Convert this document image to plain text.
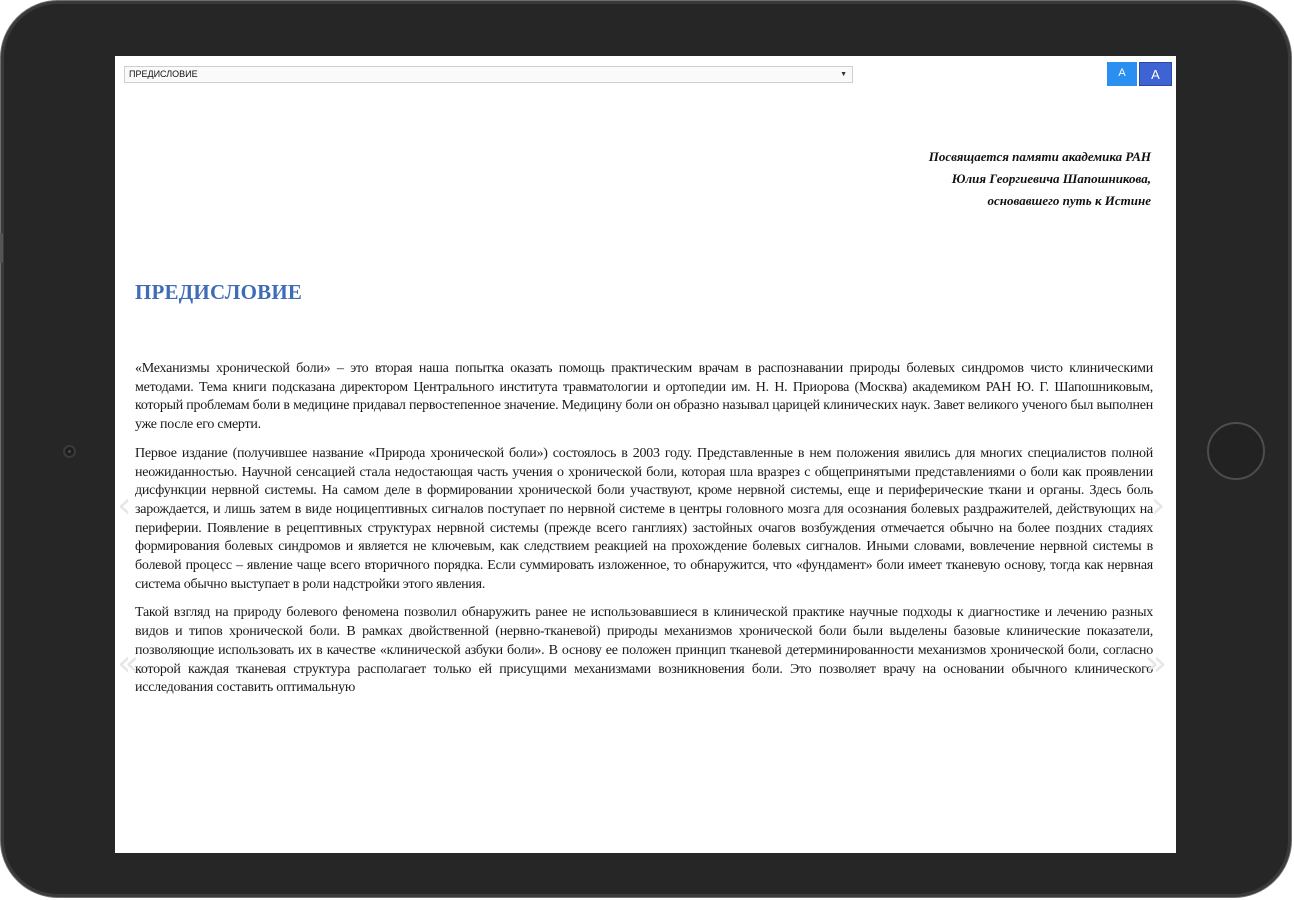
ПРЕДИСЛОВИЕ	▼	A	A
Посвящается памяти академика РАН
Юлия Георгиевича Шапошникова,
основавшего путь к Истине
ПРЕДИСЛОВИЕ

«Механизмы хронической боли» – это вторая наша попытка оказать помощь практическим врачам в распознавании природы болевых синдромов чисто клиническими методами. Тема книги подсказана директором Центрального института травматологии и ортопедии им. Н. Н. Приорова (Москва) академиком РАН Ю. Г. Шапошниковым, который проблемам боли в медицине придавал первостепенное значение. Медицину боли он образно называл царицей клинических наук. Завет великого ученого был выполнен уже после его смерти.

Первое издание (получившее название «Природа хронической боли») состоялось в 2003 году. Представленные в нем положения явились для многих специалистов полной неожиданностью. Научной сенсацией стала недостающая часть учения о хронической боли, которая шла вразрез с общепринятыми представлениями о боли как проявлении дисфункции нервной системы. На самом деле в формировании хронической боли участвуют, кроме нервной системы, еще и периферические ткани и органы. Здесь боль зарождается, и лишь затем в виде ноцицептивных сигналов поступает по нервной системе в центры головного мозга для осознания болевых раздражителей, действующих на периферии. Появление в рецептивных структурах нервной системы (прежде всего ганглиях) застойных очагов возбуждения отмечается обычно на более поздних стадиях формирования болевых синдромов и является не ключевым, как следствием реакцией на прохождение болевых сигналов. Иными словами, вовлечение нервной системы в болевой процесс – явление чаще всего вторичного порядка. Если суммировать изложенное, то обнаружится, что «фундамент» боли имеет тканевую основу, тогда как нервная система обычно выступает в роли надстройки этого явления.

Такой взгляд на природу болевого феномена позволил обнаружить ранее не использовавшиеся в клинической практике научные подходы к диагностике и лечению разных видов и типов хронической боли. В рамках двойственной (нервно-тканевой) природы механизмов хронической боли были выделены базовые клинические показатели, позволяющие использовать их в качестве «клинической азбуки боли». В основу ее положен принцип тканевой детерминированности механизмов хронической боли, согласно которой каждая тканевая структура располагает только ей присущими механизмами возникновения боли. Это позволяет врачу на основании обычного клинического исследования составить оптимальную

‹
«
›
»
